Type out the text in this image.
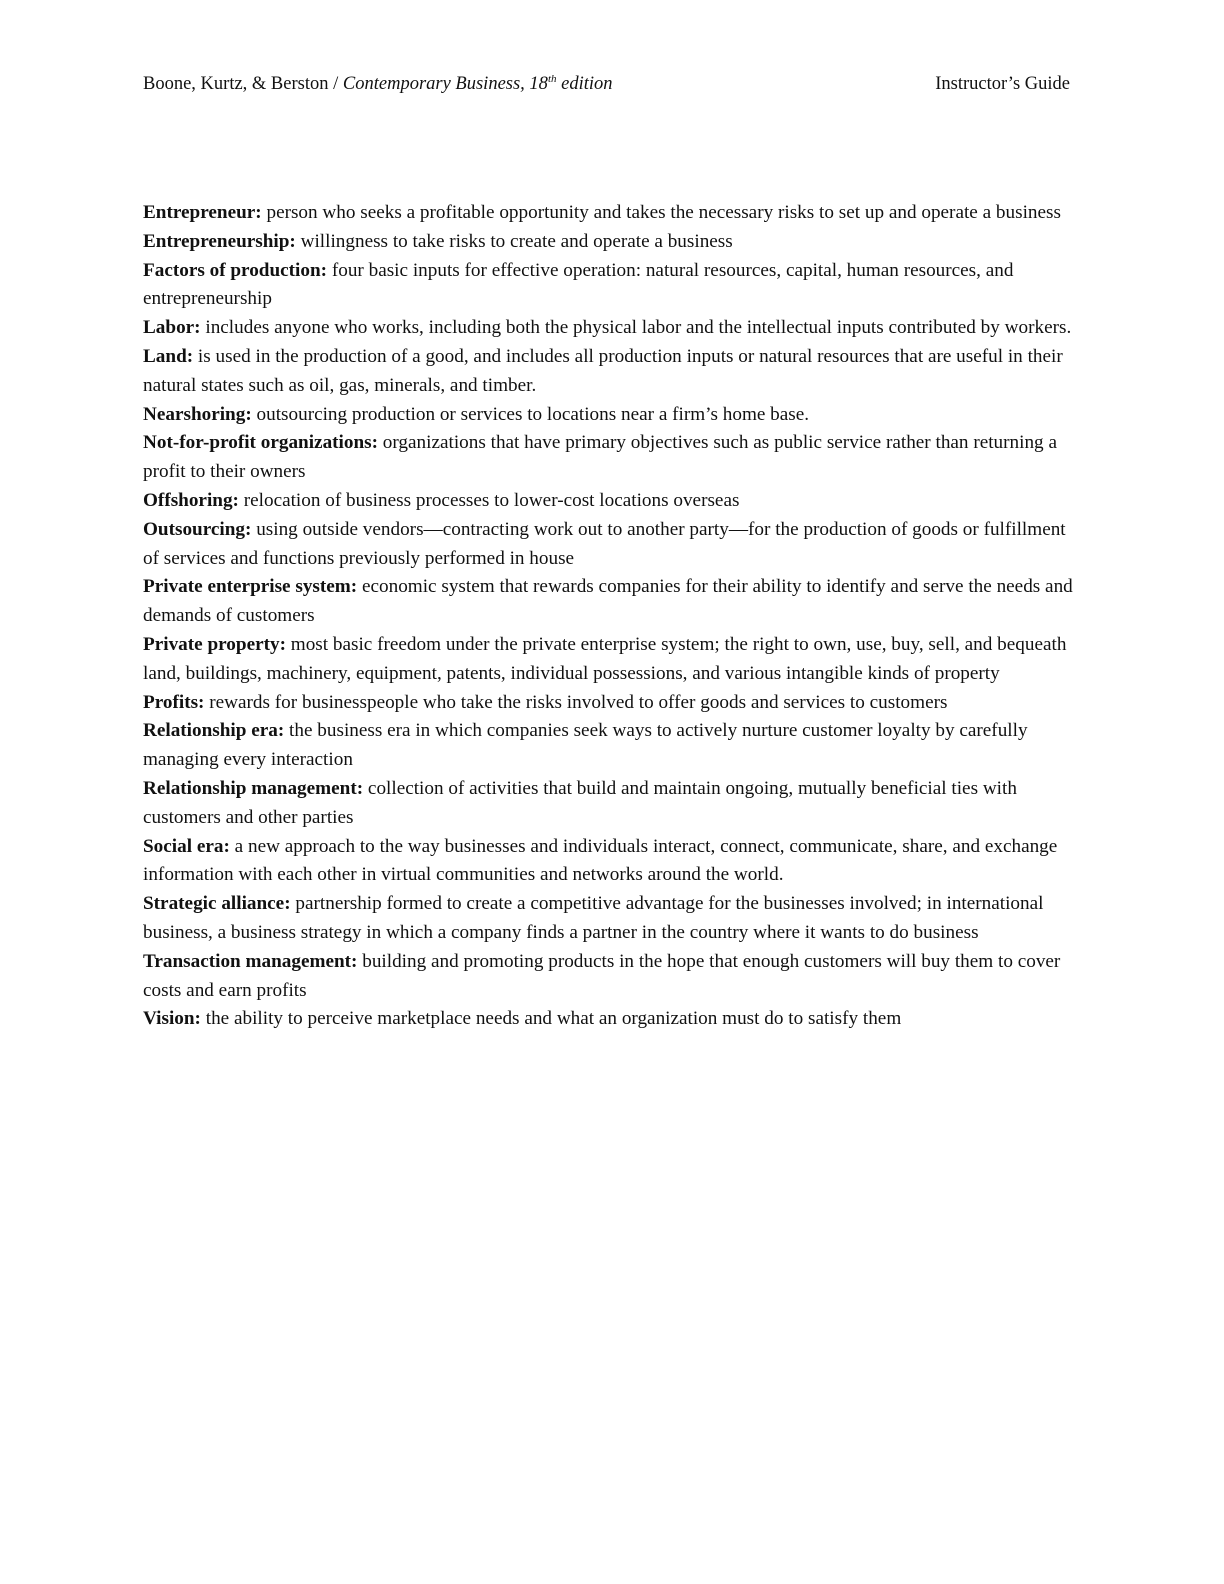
Boone, Kurtz, & Berston / Contemporary Business, 18th edition	Instructor’s Guide

Entrepreneur: person who seeks a profitable opportunity and takes the necessary risks to set up and operate a business

Entrepreneurship: willingness to take risks to create and operate a business

Factors of production: four basic inputs for effective operation: natural resources, capital, human resources, and entrepreneurship

Labor: includes anyone who works, including both the physical labor and the intellectual inputs contributed by workers.

Land: is used in the production of a good, and includes all production inputs or natural resources that are useful in their natural states such as oil, gas, minerals, and timber.

Nearshoring: outsourcing production or services to locations near a firm’s home base.

Not-for-profit organizations: organizations that have primary objectives such as public service rather than returning a profit to their owners

Offshoring: relocation of business processes to lower-cost locations overseas

Outsourcing: using outside vendors—contracting work out to another party—for the production of goods or fulfillment of services and functions previously performed in house

Private enterprise system: economic system that rewards companies for their ability to identify and serve the needs and demands of customers

Private property: most basic freedom under the private enterprise system; the right to own, use, buy, sell, and bequeath land, buildings, machinery, equipment, patents, individual possessions, and various intangible kinds of property

Profits: rewards for businesspeople who take the risks involved to offer goods and services to customers

Relationship era: the business era in which companies seek ways to actively nurture customer loyalty by carefully managing every interaction

Relationship management: collection of activities that build and maintain ongoing, mutually beneficial ties with customers and other parties

Social era: a new approach to the way businesses and individuals interact, connect, communicate, share, and exchange information with each other in virtual communities and networks around the world.

Strategic alliance: partnership formed to create a competitive advantage for the businesses involved; in international business, a business strategy in which a company finds a partner in the country where it wants to do business

Transaction management: building and promoting products in the hope that enough customers will buy them to cover costs and earn profits

Vision: the ability to perceive marketplace needs and what an organization must do to satisfy them
